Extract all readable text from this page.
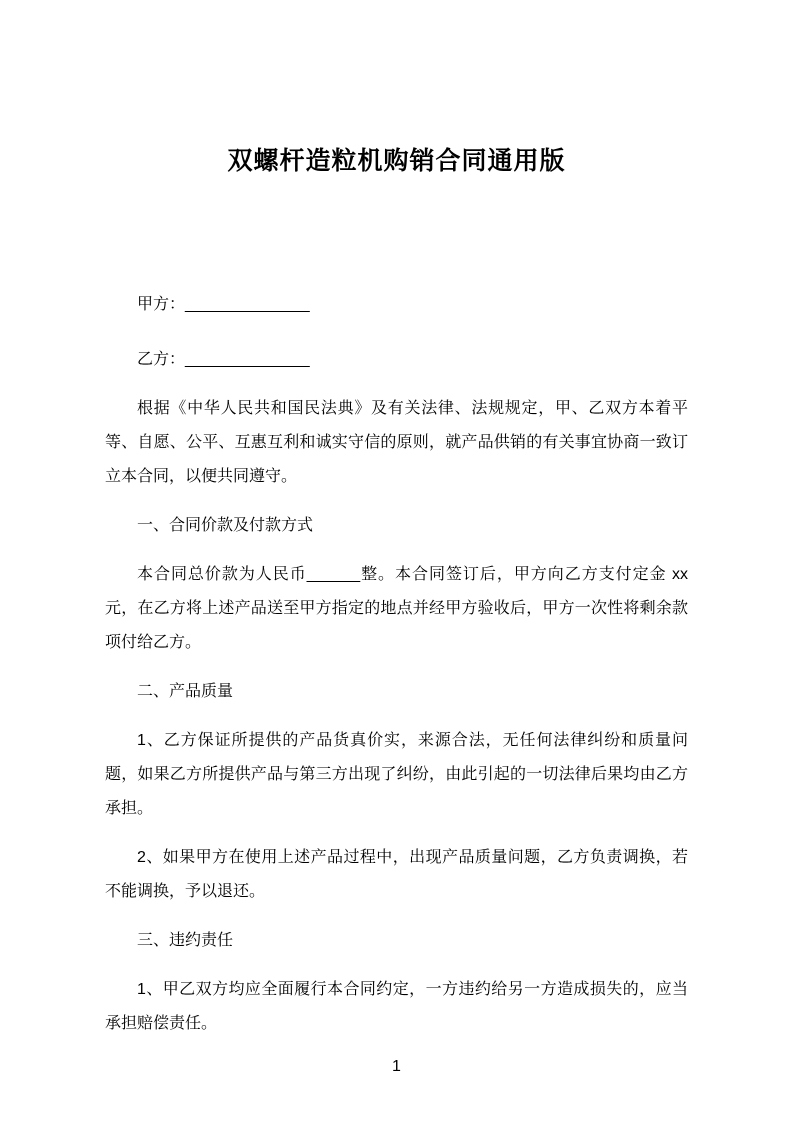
双螺杆造粒机购销合同通用版

甲方：______________

乙方：______________

根据《中华人民共和国民法典》及有关法律、法规规定，甲、乙双方本着平等、自愿、公平、互惠互利和诚实守信的原则，就产品供销的有关事宜协商一致订立本合同，以便共同遵守。

一、合同价款及付款方式

本合同总价款为人民币______整。本合同签订后，甲方向乙方支付定金 xx 元，在乙方将上述产品送至甲方指定的地点并经甲方验收后，甲方一次性将剩余款项付给乙方。

二、产品质量

1、乙方保证所提供的产品货真价实，来源合法，无任何法律纠纷和质量问题，如果乙方所提供产品与第三方出现了纠纷，由此引起的一切法律后果均由乙方承担。

2、如果甲方在使用上述产品过程中，出现产品质量问题，乙方负责调换，若不能调换，予以退还。

三、违约责任

1、甲乙双方均应全面履行本合同约定，一方违约给另一方造成损失的，应当承担赔偿责任。

1
